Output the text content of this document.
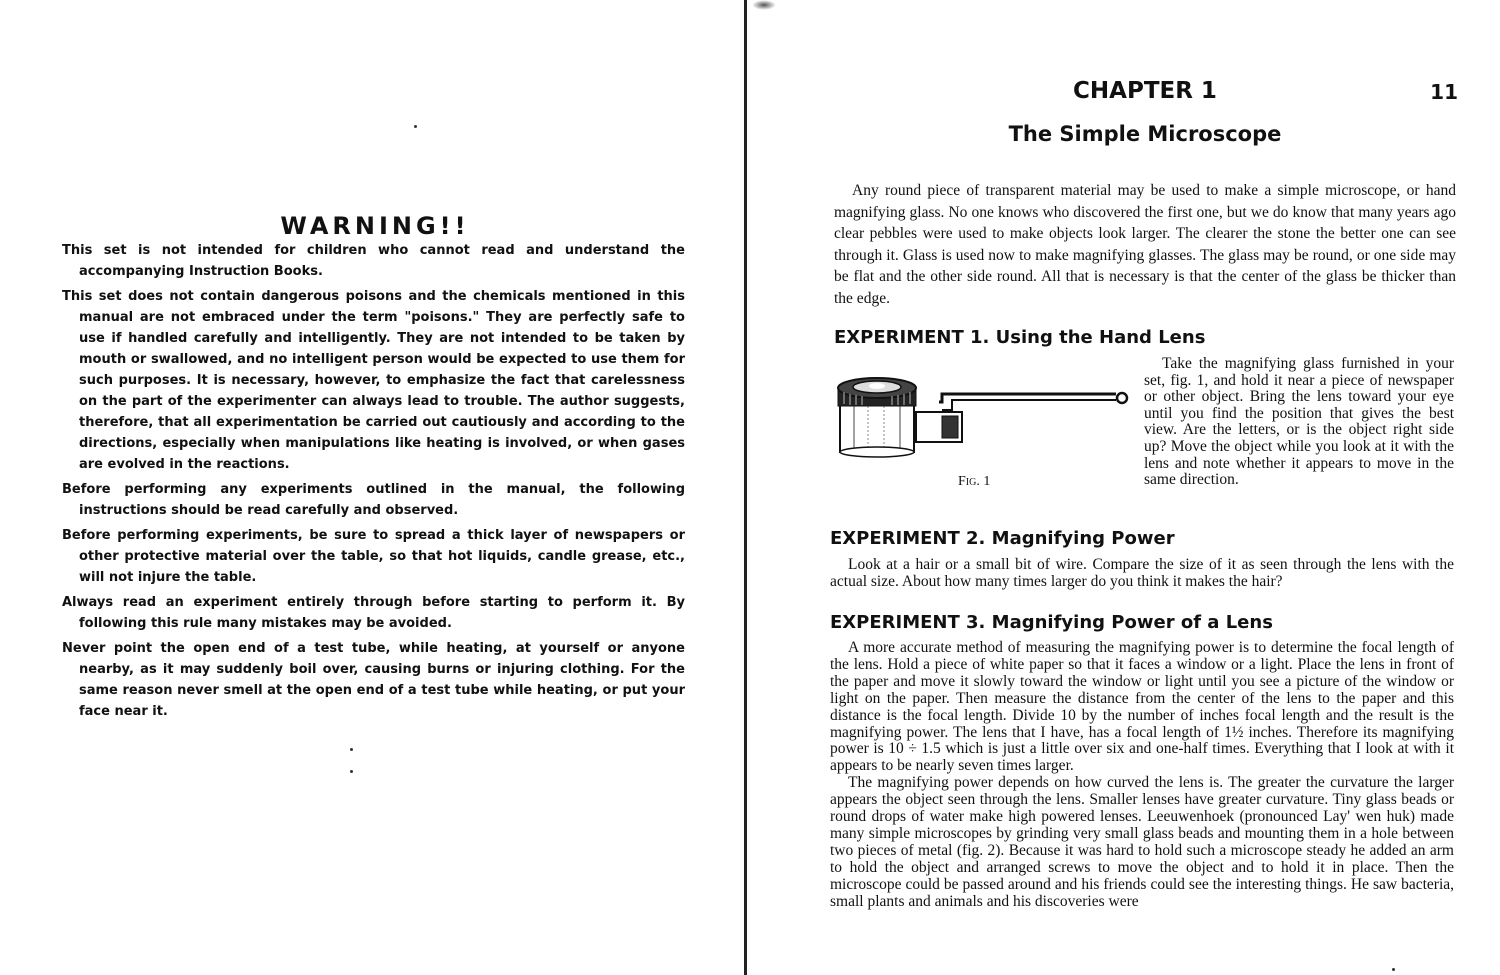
WARNING!!

This set is not intended for children who cannot read and understand the accompanying Instruction Books.

This set does not contain dangerous poisons and the chemicals mentioned in this manual are not embraced under the term "poisons." They are perfectly safe to use if handled carefully and intelligently. They are not intended to be taken by mouth or swallowed, and no intelligent person would be expected to use them for such purposes. It is necessary, however, to emphasize the fact that carelessness on the part of the experimenter can always lead to trouble. The author suggests, therefore, that all experimentation be carried out cautiously and according to the directions, especially when manipulations like heating is involved, or when gases are evolved in the reactions.

Before performing any experiments outlined in the manual, the following instructions should be read carefully and observed.

Before performing experiments, be sure to spread a thick layer of newspapers or other protective material over the table, so that hot liquids, candle grease, etc., will not injure the table.

Always read an experiment entirely through before starting to perform it. By following this rule many mistakes may be avoided.

Never point the open end of a test tube, while heating, at yourself or anyone nearby, as it may suddenly boil over, causing burns or injuring clothing. For the same reason never smell at the open end of a test tube while heating, or put your face near it.

CHAPTER 1	11
The Simple Microscope

Any round piece of transparent material may be used to make a simple microscope, or hand magnifying glass. No one knows who discovered the first one, but we do know that many years ago clear pebbles were used to make objects look larger. The clearer the stone the better one can see through it. Glass is used now to make magnifying glasses. The glass may be round, or one side may be flat and the other side round. All that is necessary is that the center of the glass be thicker than the edge.

EXPERIMENT 1. Using the Hand Lens
Fig. 1

Take the magnifying glass furnished in your set, fig. 1, and hold it near a piece of newspaper or other object. Bring the lens toward your eye until you find the position that gives the best view. Are the letters, or is the object right side up? Move the object while you look at it with the lens and note whether it appears to move in the same direction.

EXPERIMENT 2. Magnifying Power

Look at a hair or a small bit of wire. Compare the size of it as seen through the lens with the actual size. About how many times larger do you think it makes the hair?

EXPERIMENT 3. Magnifying Power of a Lens

A more accurate method of measuring the magnifying power is to determine the focal length of the lens. Hold a piece of white paper so that it faces a window or a light. Place the lens in front of the paper and move it slowly toward the window or light until you see a picture of the window or light on the paper. Then measure the distance from the center of the lens to the paper and this distance is the focal length. Divide 10 by the number of inches focal length and the result is the magnifying power. The lens that I have, has a focal length of 1½ inches. Therefore its magnifying power is 10 ÷ 1.5 which is just a little over six and one-half times. Everything that I look at with it appears to be nearly seven times larger.

The magnifying power depends on how curved the lens is. The greater the curvature the larger appears the object seen through the lens. Smaller lenses have greater curvature. Tiny glass beads or round drops of water make high powered lenses. Leeuwenhoek (pronounced Lay' wen huk) made many simple microscopes by grinding very small glass beads and mounting them in a hole between two pieces of metal (fig. 2). Because it was hard to hold such a microscope steady he added an arm to hold the object and arranged screws to move the object and to hold it in place. Then the microscope could be passed around and his friends could see the interesting things. He saw bacteria, small plants and animals and his discoveries were
